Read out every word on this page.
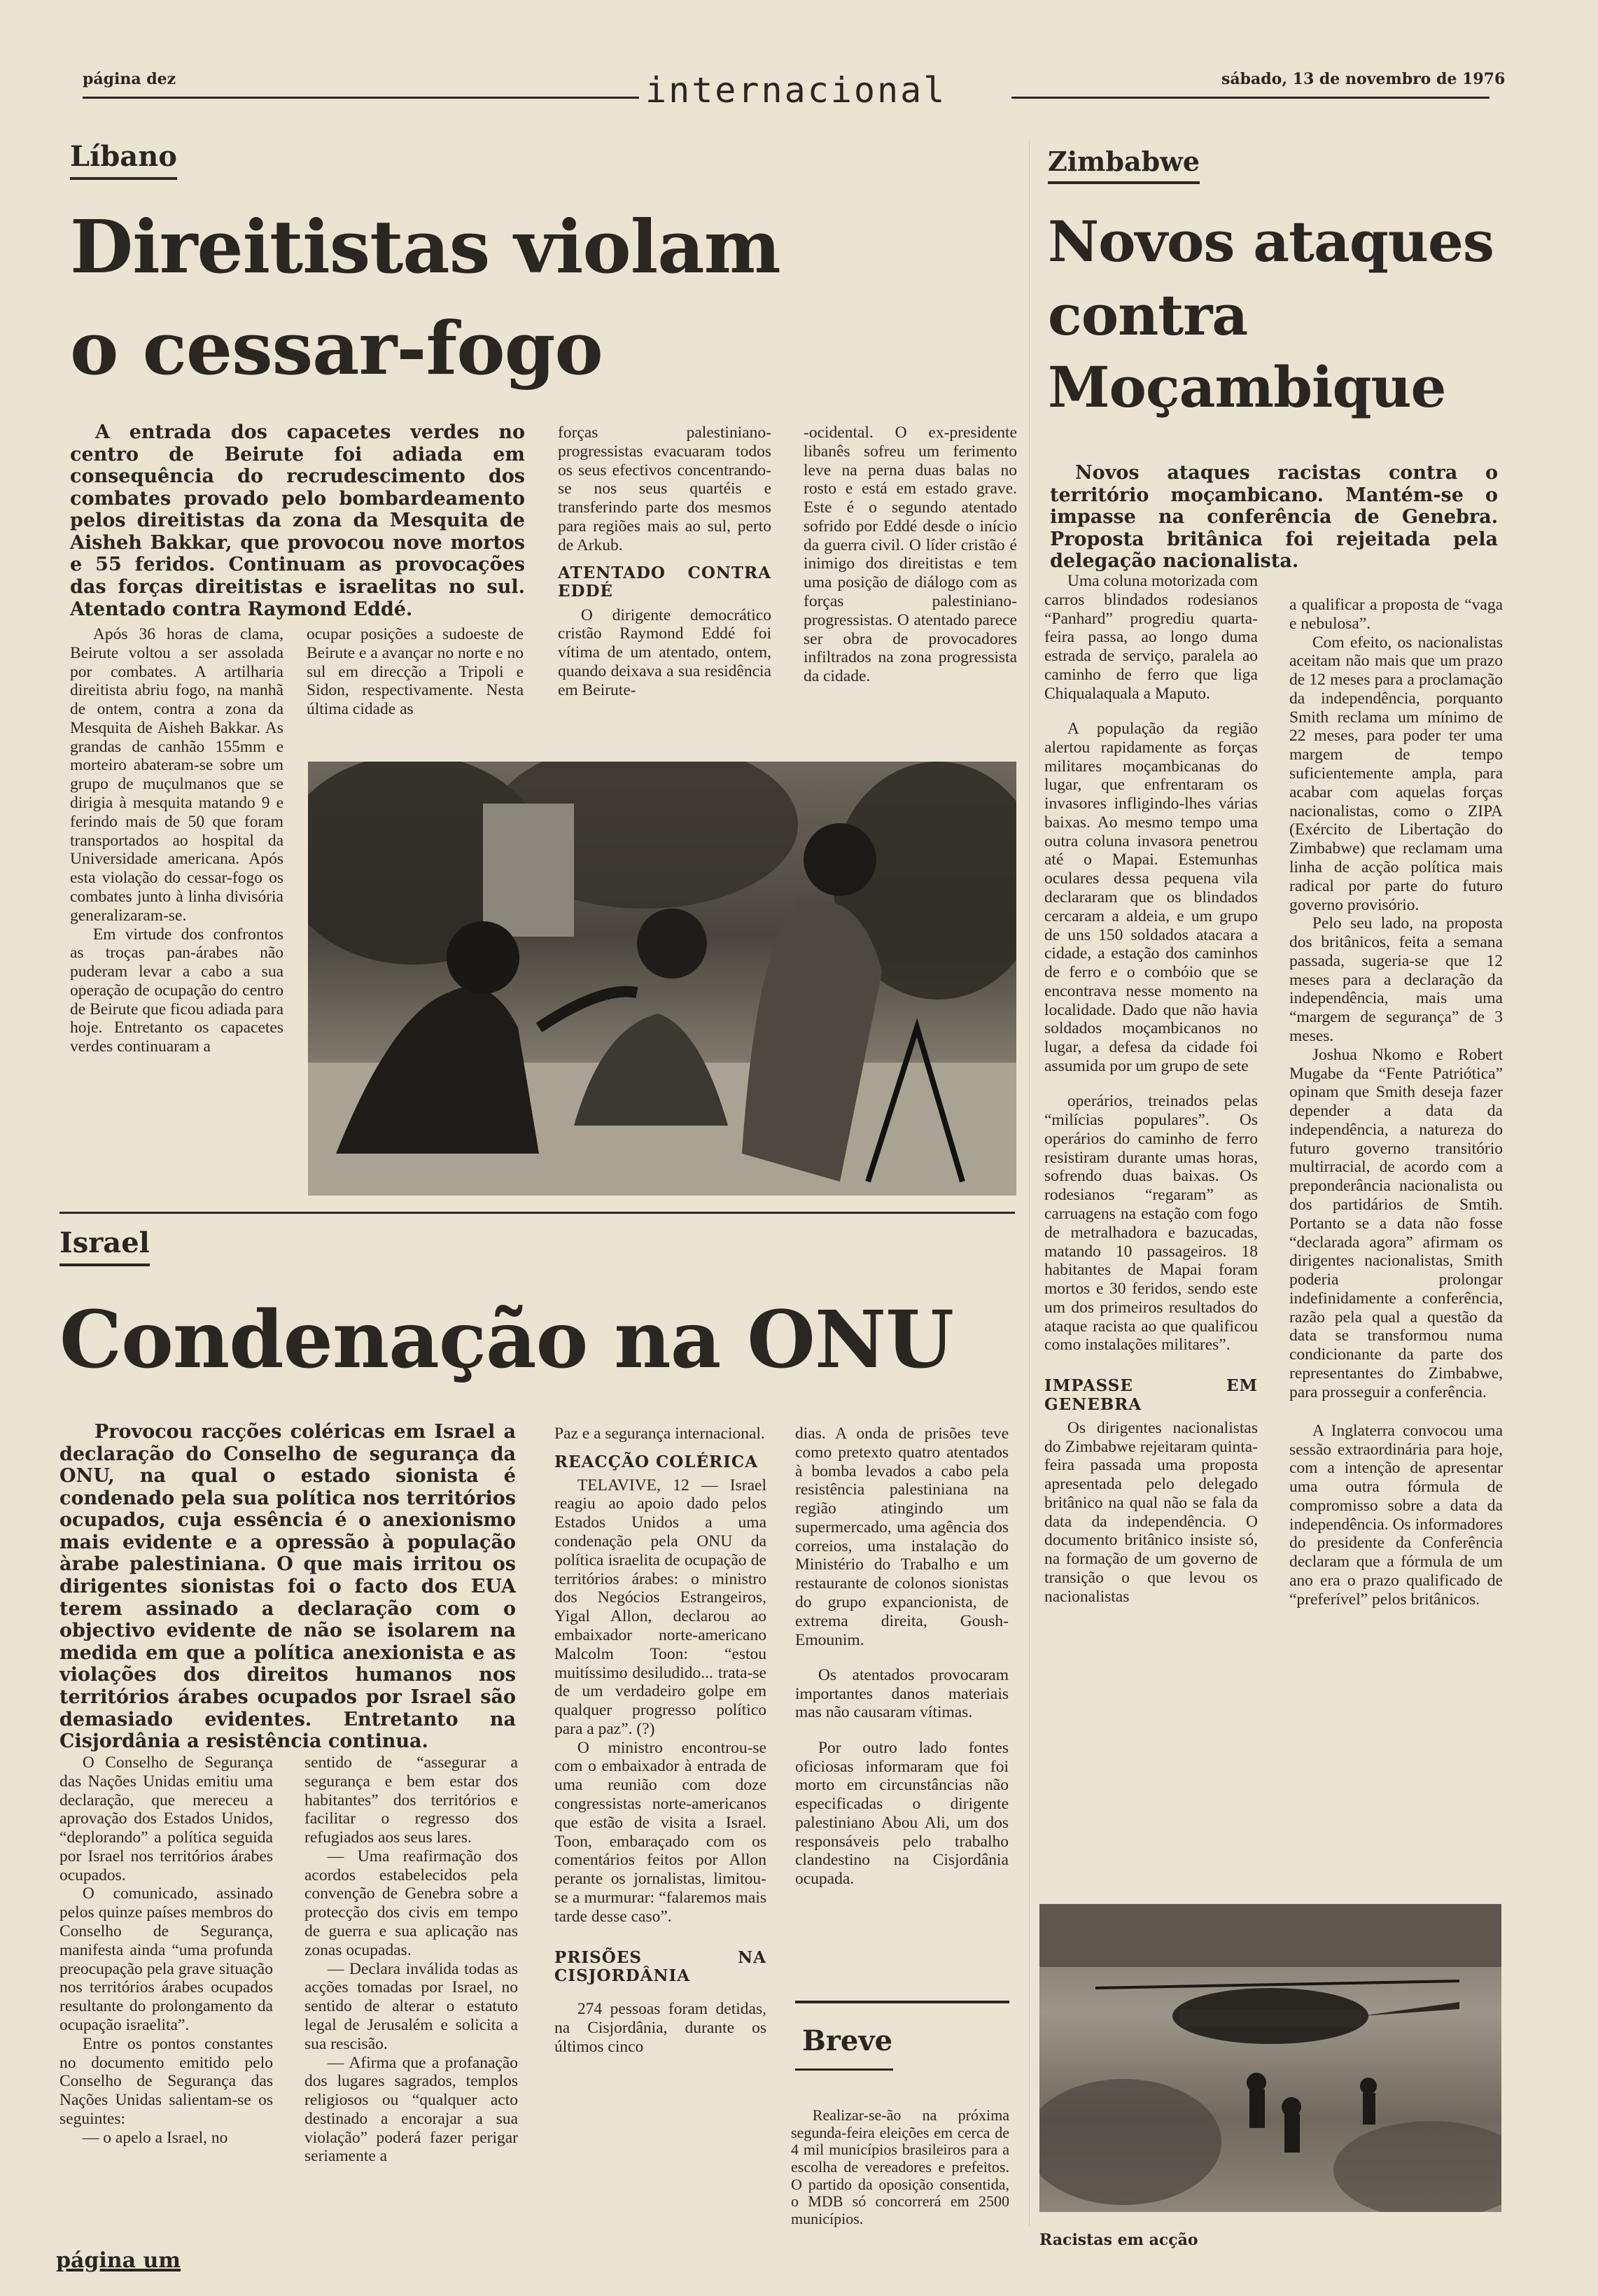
página dez	internacional	sábado, 13 de novembro de 1976
Líbano
Direitistas violam
o cessar-fogo
A entrada dos capacetes verdes no centro de Beirute foi adiada em consequência do recrudescimento dos combates provado pelo bombardeamento pelos direitistas da zona da Mesquita de Aisheh Bakkar, que provocou nove mortos e 55 feridos. Continuam as provocações das forças direitistas e israelitas no sul. Atentado contra Raymond Eddé.

Após 36 horas de clama, Beirute voltou a ser assolada por combates. A artilharia direitista abriu fogo, na manhã de ontem, contra a zona da Mesquita de Aisheh Bakkar. As grandas de canhão 155mm e morteiro abateram-se sobre um grupo de muçulmanos que se dirigia à mesquita matando 9 e ferindo mais de 50 que foram transportados ao hospital da Universidade americana. Após esta violação do cessar-fogo os combates junto à linha divisória generalizaram-se.

Em virtude dos confrontos as troças pan-árabes não puderam levar a cabo a sua operação de ocupação do centro de Beirute que ficou adiada para hoje. Entretanto os capacetes verdes continuaram a

ocupar posições a sudoeste de Beirute e a avançar no norte e no sul em direcção a Tripoli e Sidon, respectivamente. Nesta última cidade as

forças palestiniano-progressistas evacuaram todos os seus efectivos concentrando-se nos seus quartéis e transferindo parte dos mesmos para regiões mais ao sul, perto de Arkub.

ATENTADO CONTRA EDDÉ

O dirigente democrático cristão Raymond Eddé foi vítima de um atentado, ontem, quando deixava a sua residência em Beirute-

-ocidental. O ex-presidente libanês sofreu um ferimento leve na perna duas balas no rosto e está em estado grave. Este é o segundo atentado sofrido por Eddé desde o início da guerra civil. O líder cristão é inimigo dos direitistas e tem uma posição de diálogo com as forças palestiniano-progressistas. O atentado parece ser obra de provocadores infiltrados na zona progressista da cidade.

Israel
Condenação na ONU
Provocou racções coléricas em Israel a declaração do Conselho de segurança da ONU, na qual o estado sionista é condenado pela sua política nos territórios ocupados, cuja essência é o anexionismo mais evidente e a opressão à população àrabe palestiniana. O que mais irritou os dirigentes sionistas foi o facto dos EUA terem assinado a declaração com o objectivo evidente de não se isolarem na medida em que a política anexionista e as violações dos direitos humanos nos territórios árabes ocupados por Israel são demasiado evidentes. Entretanto na Cisjordânia a resistência continua.

O Conselho de Segurança das Nações Unidas emitiu uma declaração, que mereceu a aprovação dos Estados Unidos, “deplorando” a política seguida por Israel nos territórios árabes ocupados.

O comunicado, assinado pelos quinze países membros do Conselho de Segurança, manifesta ainda “uma profunda preocupação pela grave situação nos territórios árabes ocupados resultante do prolongamento da ocupação israelita”.

Entre os pontos constantes no documento emitido pelo Conselho de Segurança das Nações Unidas salientam-se os seguintes:

— o apelo a Israel, no

sentido de “assegurar a segurança e bem estar dos habitantes” dos territórios e facilitar o regresso dos refugiados aos seus lares.

— Uma reafirmação dos acordos estabelecidos pela convenção de Genebra sobre a protecção dos civis em tempo de guerra e sua aplicação nas zonas ocupadas.

— Declara inválida todas as acções tomadas por Israel, no sentido de alterar o estatuto legal de Jerusalém e solicita a sua rescisão.

— Afirma que a profanação dos lugares sagrados, templos religiosos ou “qualquer acto destinado a encorajar a sua violação” poderá fazer perigar seriamente a

Paz e a segurança internacional.

REACÇÃO COLÉRICA

TELAVIVE, 12 — Israel reagiu ao apoio dado pelos Estados Unidos a uma condenação pela ONU da política israelita de ocupação de territórios árabes: o ministro dos Negócios Estrangeiros, Yigal Allon, declarou ao embaixador norte-americano Malcolm Toon: “estou muitíssimo desiludido... trata-se de um verdadeiro golpe em qualquer progresso político para a paz”. (?)

O ministro encontrou-se com o embaixador à entrada de uma reunião com doze congressistas norte-americanos que estão de visita a Israel. Toon, embaraçado com os comentários feitos por Allon perante os jornalistas, limitou-se a murmurar: “falaremos mais tarde desse caso”.

PRISÕES NA CISJORDÂNIA

274 pessoas foram detidas, na Cisjordânia, durante os últimos cinco

dias. A onda de prisões teve como pretexto quatro atentados à bomba levados a cabo pela resistência palestiniana na região atingindo um supermercado, uma agência dos correios, uma instalação do Ministério do Trabalho e um restaurante de colonos sionistas do grupo expancionista, de extrema direita, Goush-Emounim.

Os atentados provocaram importantes danos materiais mas não causaram vítimas.

Por outro lado fontes oficiosas informaram que foi morto em circunstâncias não especificadas o dirigente palestiniano Abou Ali, um dos responsáveis pelo trabalho clandestino na Cisjordânia ocupada.

Breve

Realizar-se-ão na próxima segunda-feira eleições em cerca de 4 mil municípios brasileiros para a escolha de vereadores e prefeitos. O partido da oposição consentida, o MDB só concorrerá em 2500 municípios.

Zimbabwe
Novos ataques
contra
Moçambique
Novos ataques racistas contra o território moçambicano. Mantém-se o impasse na conferência de Genebra. Proposta britânica foi rejeitada pela delegação nacionalista.

Uma coluna motorizada com carros blindados rodesianos “Panhard” progrediu quarta-feira passa, ao longo duma estrada de serviço, paralela ao caminho de ferro que liga Chiqualaquala a Maputo.

A população da região alertou rapidamente as forças militares moçambicanas do lugar, que enfrentaram os invasores infligindo-lhes várias baixas. Ao mesmo tempo uma outra coluna invasora penetrou até o Mapai. Estemunhas oculares dessa pequena vila declararam que os blindados cercaram a aldeia, e um grupo de uns 150 soldados atacara a cidade, a estação dos caminhos de ferro e o combóio que se encontrava nesse momento na localidade. Dado que não havia soldados moçambicanos no lugar, a defesa da cidade foi assumida por um grupo de sete

operários, treinados pelas “milícias populares”. Os operários do caminho de ferro resistiram durante umas horas, sofrendo duas baixas. Os rodesianos “regaram” as carruagens na estação com fogo de metralhadora e bazucadas, matando 10 passageiros. 18 habitantes de Mapai foram mortos e 30 feridos, sendo este um dos primeiros resultados do ataque racista ao que qualificou como instalações militares”.

IMPASSE EM GENEBRA

Os dirigentes nacionalistas do Zimbabwe rejeitaram quinta-feira passada uma proposta apresentada pelo delegado britânico na qual não se fala da data da independência. O documento britânico insiste só, na formação de um governo de transição o que levou os nacionalistas

a qualificar a proposta de “vaga e nebulosa”.

Com efeito, os nacionalistas aceitam não mais que um prazo de 12 meses para a proclamação da independência, porquanto Smith reclama um mínimo de 22 meses, para poder ter uma margem de tempo suficientemente ampla, para acabar com aquelas forças nacionalistas, como o ZIPA (Exército de Libertação do Zimbabwe) que reclamam uma linha de acção política mais radical por parte do futuro governo provisório.

Pelo seu lado, na proposta dos britânicos, feita a semana passada, sugeria-se que 12 meses para a declaração da independência, mais uma “margem de segurança” de 3 meses.

Joshua Nkomo e Robert Mugabe da “Fente Patriótica” opinam que Smith deseja fazer depender a data da independência, a natureza do futuro governo transitório multirracial, de acordo com a preponderância nacionalista ou dos partidários de Smtih. Portanto se a data não fosse “declarada agora” afirmam os dirigentes nacionalistas, Smith poderia prolongar indefinidamente a conferência, razão pela qual a questão da data se transformou numa condicionante da parte dos representantes do Zimbabwe, para prosseguir a conferência.

A Inglaterra convocou uma sessão extraordinária para hoje, com a intenção de apresentar uma outra fórmula de compromisso sobre a data da independência. Os informadores do presidente da Conferência declaram que a fórmula de um ano era o prazo qualificado de “preferível” pelos britânicos.

Racistas em acção
página um
